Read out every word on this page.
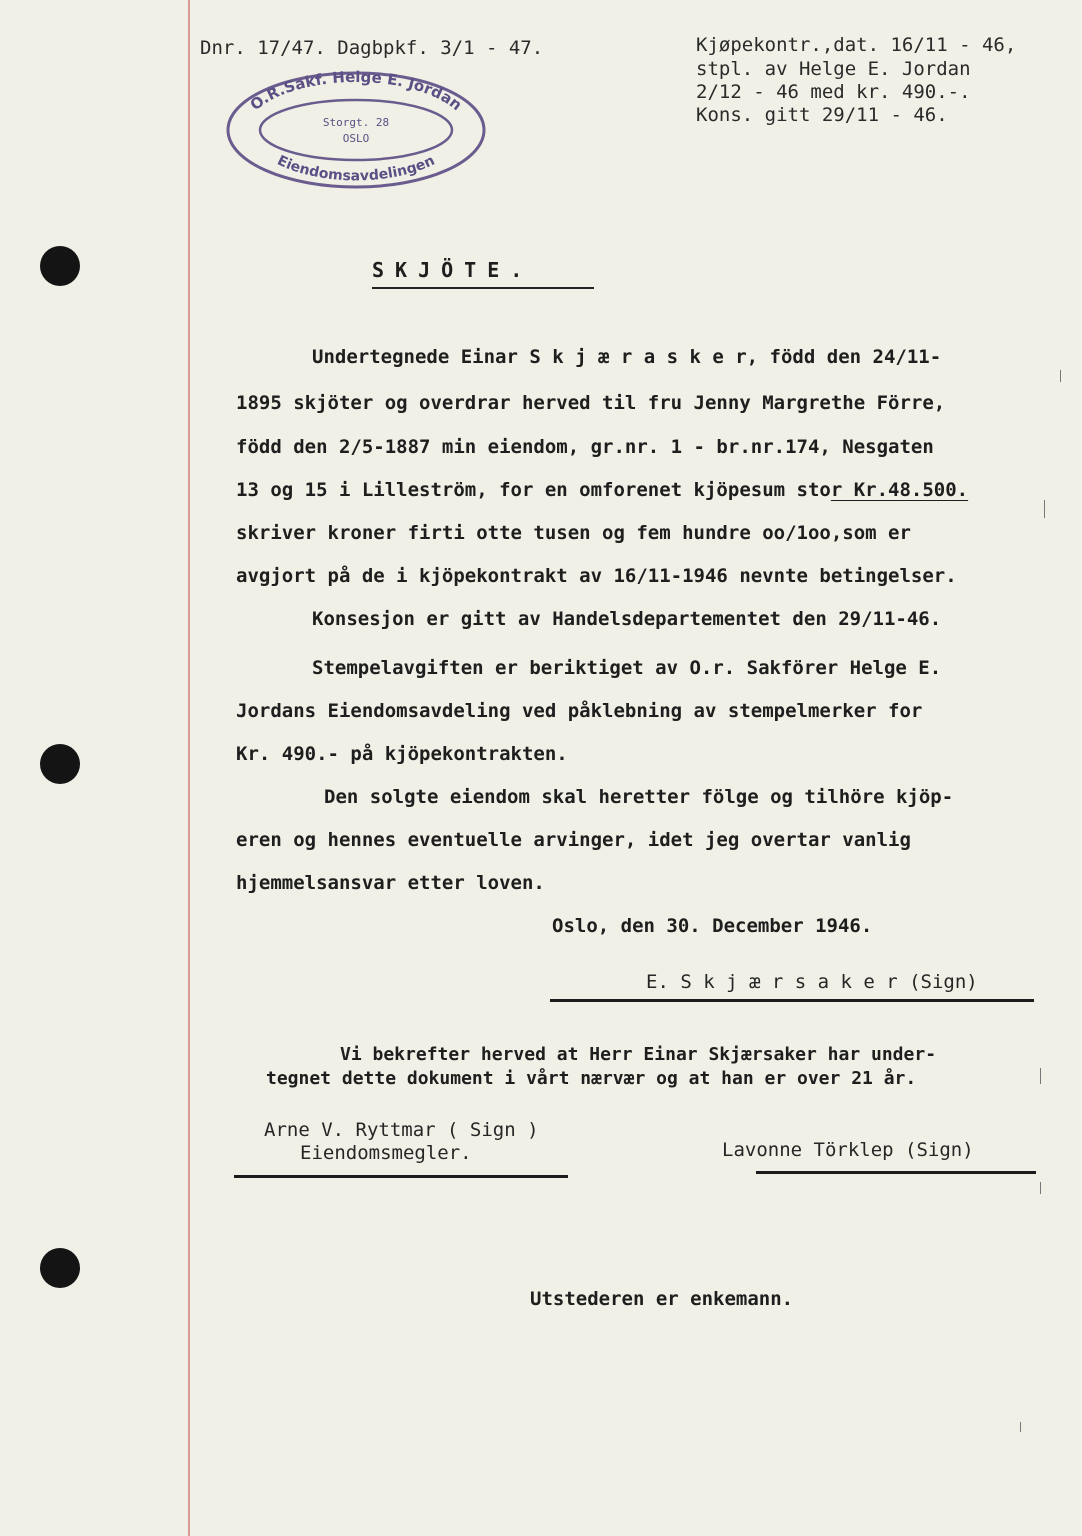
Dnr. 17/47. Dagbpkf. 3/1 - 47.	Kjøpekontr.,dat. 16/11 - 46,
stpl. av Helge E. Jordan
2/12 - 46 med kr. 490.-.
Kons. gitt 29/11 - 46.
O.R.Sakf. Helge E. Jordan
Eiendomsavdelingen
Storgt. 28
OSLO
SKJÖTE.
Undertegnede Einar S k j æ r a s k e r, född den 24/11-
1895 skjöter og overdrar herved til fru Jenny Margrethe Förre,
född den 2/5-1887 min eiendom, gr.nr. 1 - br.nr.174, Nesgaten
13 og 15 i Lilleström, for en omforenet kjöpesum stor Kr.48.500.
skriver kroner firti otte tusen og fem hundre oo/1oo,som er
avgjort på de i kjöpekontrakt av 16/11-1946 nevnte betingelser.
Konsesjon er gitt av Handelsdepartementet den 29/11-46.
Stempelavgiften er beriktiget av O.r. Sakförer Helge E.
Jordans Eiendomsavdeling ved påklebning av stempelmerker for
Kr. 490.- på kjöpekontrakten.
Den solgte eiendom skal heretter fölge og tilhöre kjöp-
eren og hennes eventuelle arvinger, idet jeg overtar vanlig
hjemmelsansvar etter loven.
Oslo, den 30. December 1946.
E. S k j æ r s a k e r (Sign)
Vi bekrefter herved at Herr Einar Skjærsaker har under-
tegnet dette dokument i vårt nærvær og at han er over 21 år.
Arne V. Ryttmar ( Sign )
Eiendomsmegler.	Lavonne Törklep (Sign)
Utstederen er enkemann.
